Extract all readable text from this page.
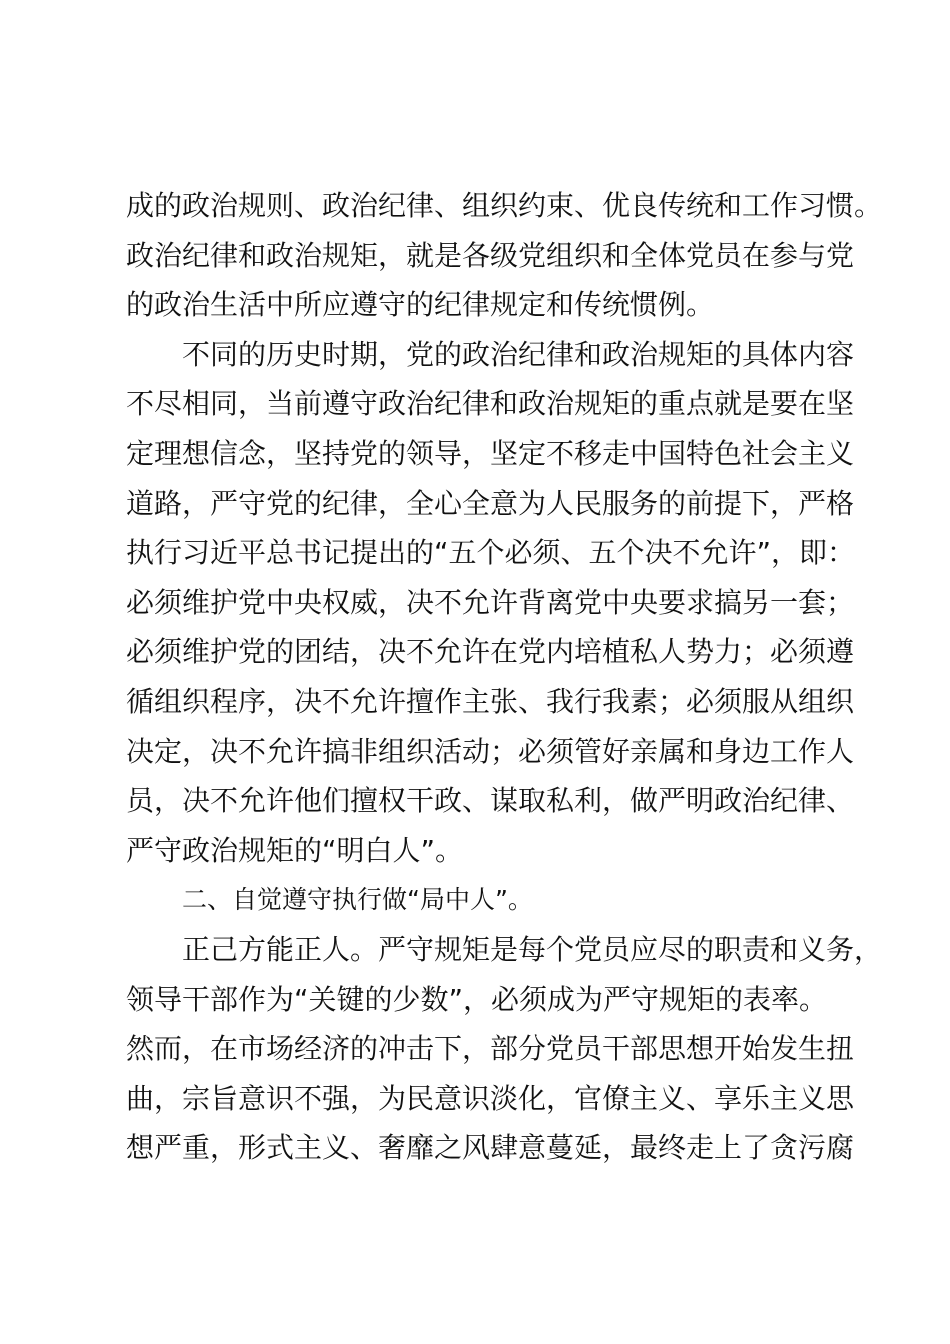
成的政治规则、政治纪律、组织约束、优良传统和工作习惯。
政治纪律和政治规矩，就是各级党组织和全体党员在参与党
的政治生活中所应遵守的纪律规定和传统惯例。
不同的历史时期，党的政治纪律和政治规矩的具体内容
不尽相同，当前遵守政治纪律和政治规矩的重点就是要在坚
定理想信念，坚持党的领导，坚定不移走中国特色社会主义
道路，严守党的纪律，全心全意为人民服务的前提下，严格
执行习近平总书记提出的“五个必须、五个决不允许”，即：
必须维护党中央权威，决不允许背离党中央要求搞另一套；
必须维护党的团结，决不允许在党内培植私人势力；必须遵
循组织程序，决不允许擅作主张、我行我素；必须服从组织
决定，决不允许搞非组织活动；必须管好亲属和身边工作人
员，决不允许他们擅权干政、谋取私利，做严明政治纪律、
严守政治规矩的“明白人”。
二、自觉遵守执行做“局中人”。
正己方能正人。严守规矩是每个党员应尽的职责和义务，
领导干部作为“关键的少数”，必须成为严守规矩的表率。
然而，在市场经济的冲击下，部分党员干部思想开始发生扭
曲，宗旨意识不强，为民意识淡化，官僚主义、享乐主义思
想严重，形式主义、奢靡之风肆意蔓延，最终走上了贪污腐
